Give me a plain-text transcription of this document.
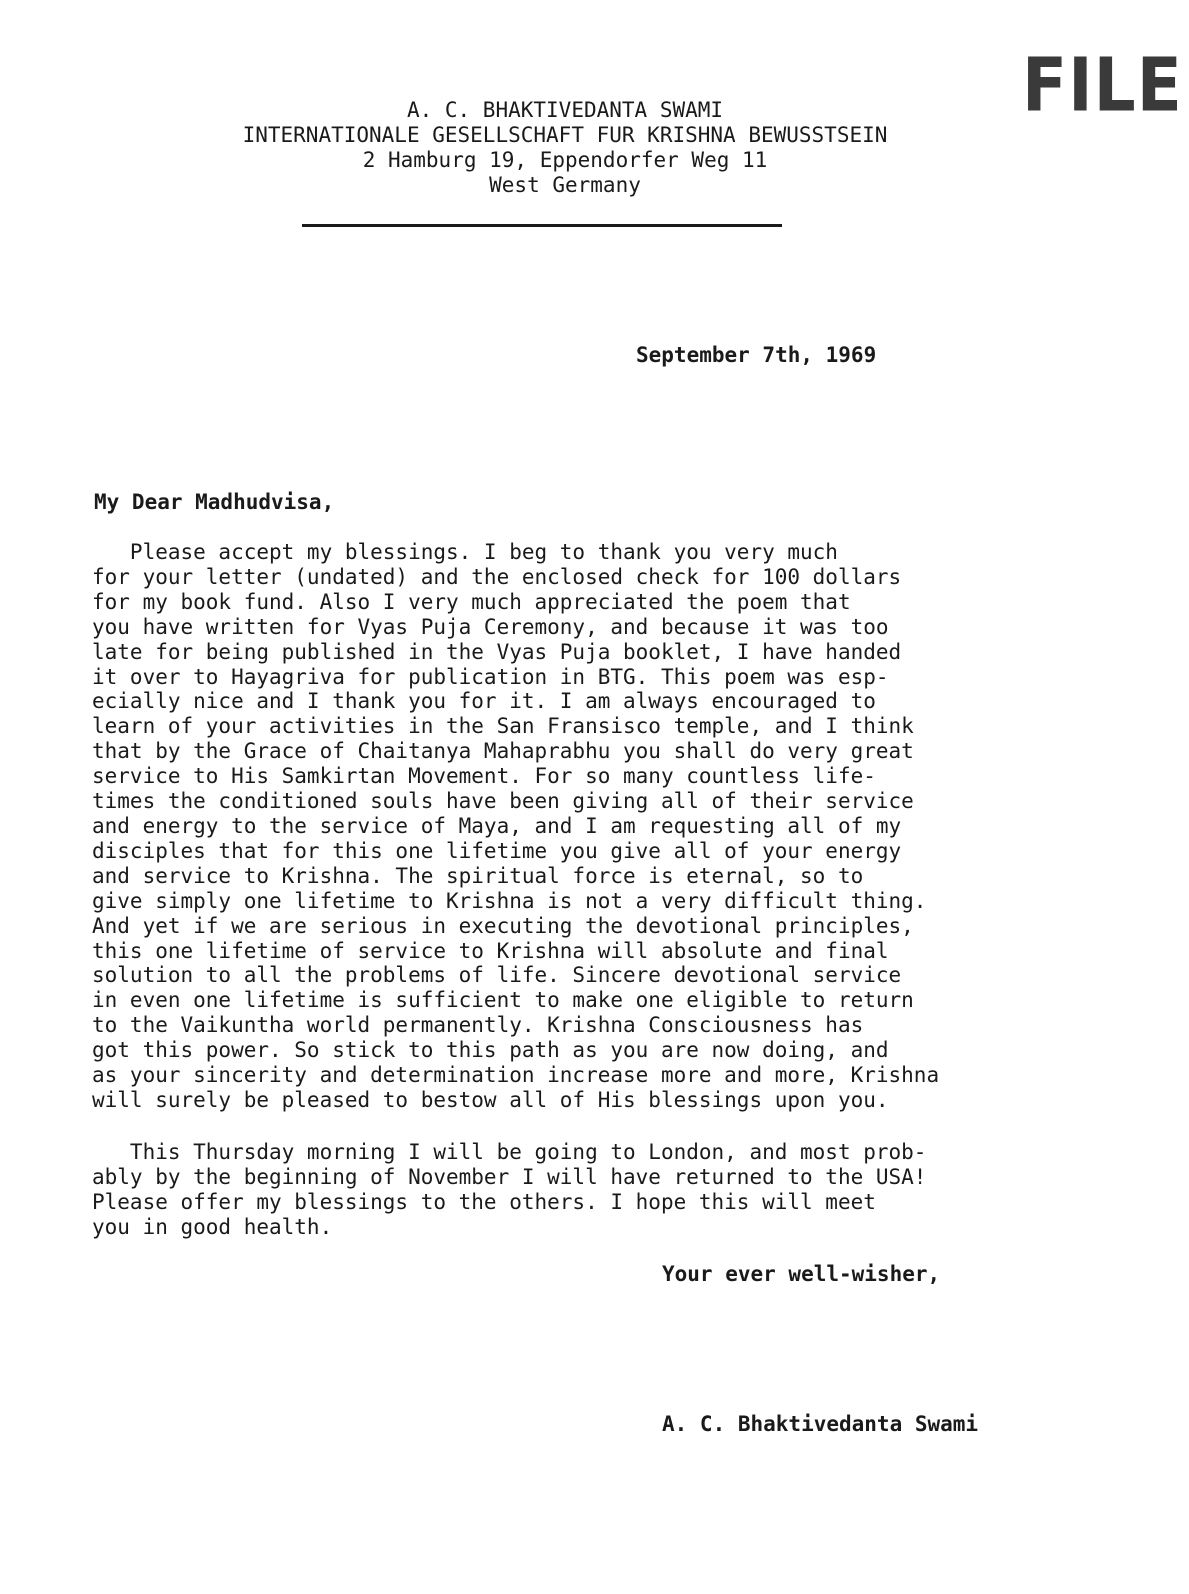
FILE
A. C. BHAKTIVEDANTA SWAMI
INTERNATIONALE GESELLSCHAFT FUR KRISHNA BEWUSSTSEIN
2 Hamburg 19, Eppendorfer Weg 11
West Germany
September 7th, 1969
My Dear Madhudvisa,
Please accept my blessings. I beg to thank you very much
for your letter (undated) and the enclosed check for 100 dollars
for my book fund. Also I very much appreciated the poem that
you have written for Vyas Puja Ceremony, and because it was too
late for being published in the Vyas Puja booklet, I have handed
it over to Hayagriva for publication in BTG. This poem was esp-
ecially nice and I thank you for it. I am always encouraged to
learn of your activities in the San Fransisco temple, and I think
that by the Grace of Chaitanya Mahaprabhu you shall do very great
service to His Samkirtan Movement. For so many countless life-
times the conditioned souls have been giving all of their service
and energy to the service of Maya, and I am requesting all of my
disciples that for this one lifetime you give all of your energy
and service to Krishna. The spiritual force is eternal, so to
give simply one lifetime to Krishna is not a very difficult thing.
And yet if we are serious in executing the devotional principles,
this one lifetime of service to Krishna will absolute and final
solution to all the problems of life. Sincere devotional service
in even one lifetime is sufficient to make one eligible to return
to the Vaikuntha world permanently. Krishna Consciousness has
got this power. So stick to this path as you are now doing, and
as your sincerity and determination increase more and more, Krishna
will surely be pleased to bestow all of His blessings upon you.
This Thursday morning I will be going to London, and most prob-
ably by the beginning of November I will have returned to the USA!
Please offer my blessings to the others. I hope this will meet
you in good health.
Your ever well-wisher,
A. C. Bhaktivedanta Swami
